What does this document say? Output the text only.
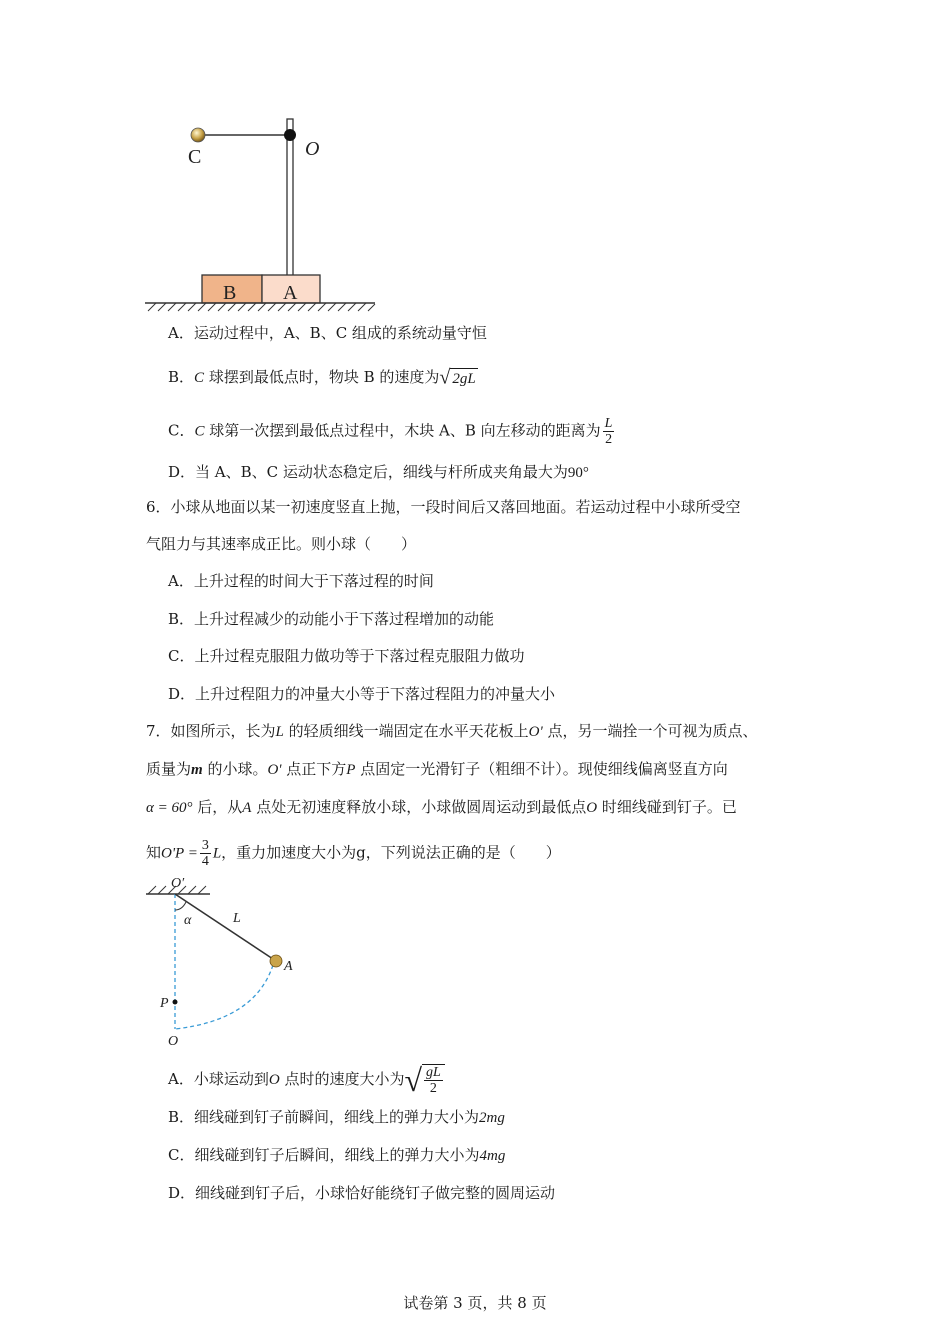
C	O
B A
A．运动过程中，A、B、C 组成的系统动量守恒
B．C 球摆到最低点时，物块 B 的速度为√ 2gL
C．C 球第一次摆到最低点过程中，木块 A、B 向左移动的距离为 $\frac{L}{2}$
D．当 A、B、C 运动状态稳定后，细线与杆所成夹角最大为90°
6．小球从地面以某一初速度竖直上抛，一段时间后又落回地面。若运动过程中小球所受空
气阻力与其速率成正比。则小球（　　）
A．上升过程的时间大于下落过程的时间
B．上升过程减少的动能小于下落过程增加的动能
C．上升过程克服阻力做功等于下落过程克服阻力做功
D．上升过程阻力的冲量大小等于下落过程阻力的冲量大小
7．如图所示，长为L 的轻质细线一端固定在水平天花板上O' 点，另一端拴一个可视为质点、
质量为m 的小球。O' 点正下方P 点固定一光滑钉子（粗细不计）。现使细线偏离竖直方向
α = 60° 后，从A 点处无初速度释放小球，小球做圆周运动到最低点O 时细线碰到钉子。已
知$O'P = \frac{3}{4}$ L，重力加速度大小为g，下列说法正确的是（　　）
O′
α	L
A
P
O
A．小球运动到O 点时的速度大小为√ $\frac{gL}{2}$
B．细线碰到钉子前瞬间，细线上的弹力大小为2mg
C．细线碰到钉子后瞬间，细线上的弹力大小为4mg
D．细线碰到钉子后，小球恰好能绕钉子做完整的圆周运动
试卷第 3 页，共 8 页
